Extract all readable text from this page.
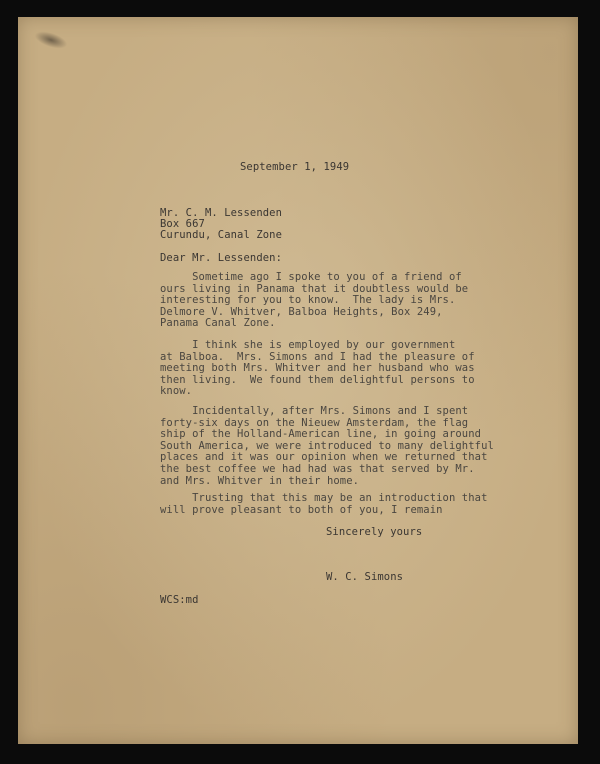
September 1, 1949

Mr. C. M. Lessenden

Box 667

Curundu, Canal Zone

Dear Mr. Lessenden:

Sometime ago I spoke to you of a friend of
ours living in Panama that it doubtless would be
interesting for you to know.  The lady is Mrs.
Delmore V. Whitver, Balboa Heights, Box 249,
Panama Canal Zone.

I think she is employed by our government
at Balboa.  Mrs. Simons and I had the pleasure of
meeting both Mrs. Whitver and her husband who was
then living.  We found them delightful persons to
know.

Incidentally, after Mrs. Simons and I spent
forty-six days on the Nieuew Amsterdam, the flag
ship of the Holland-American line, in going around
South America, we were introduced to many delightful
places and it was our opinion when we returned that
the best coffee we had had was that served by Mr.
and Mrs. Whitver in their home.

Trusting that this may be an introduction that
will prove pleasant to both of you, I remain

Sincerely yours

W. C. Simons

WCS:md
